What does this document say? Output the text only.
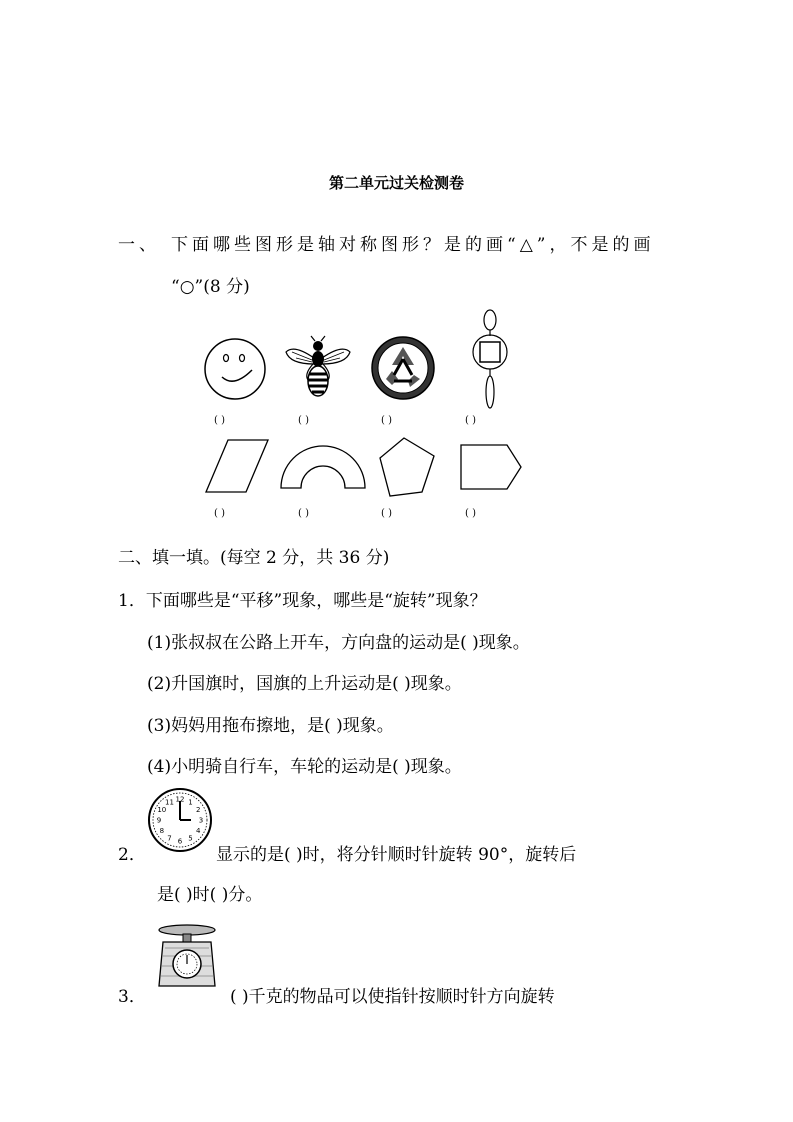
第二单元过关检测卷
一、 下面哪些图形是轴对称图形？是的画“△”，不是的画
“○”(8 分)
( )	( )	( )	( )
( )	( )	( )	( )
二、填一填。(每空 2 分，共 36 分)
1．下面哪些是“平移”现象，哪些是“旋转”现象？
(1)张叔叔在公路上开车，方向盘的运动是( )现象。
(2)升国旗时，国旗的上升运动是( )现象。
(3)妈妈用拖布擦地，是( )现象。
(4)小明骑自行车，车轮的运动是( )现象。
2．
12 1
2
3
4
5
6
7
8
9
10
11
显示的是( )时，将分针顺时针旋转 90°，旋转后
是( )时( )分。
3．	( )千克的物品可以使指针按顺时针方向旋转
